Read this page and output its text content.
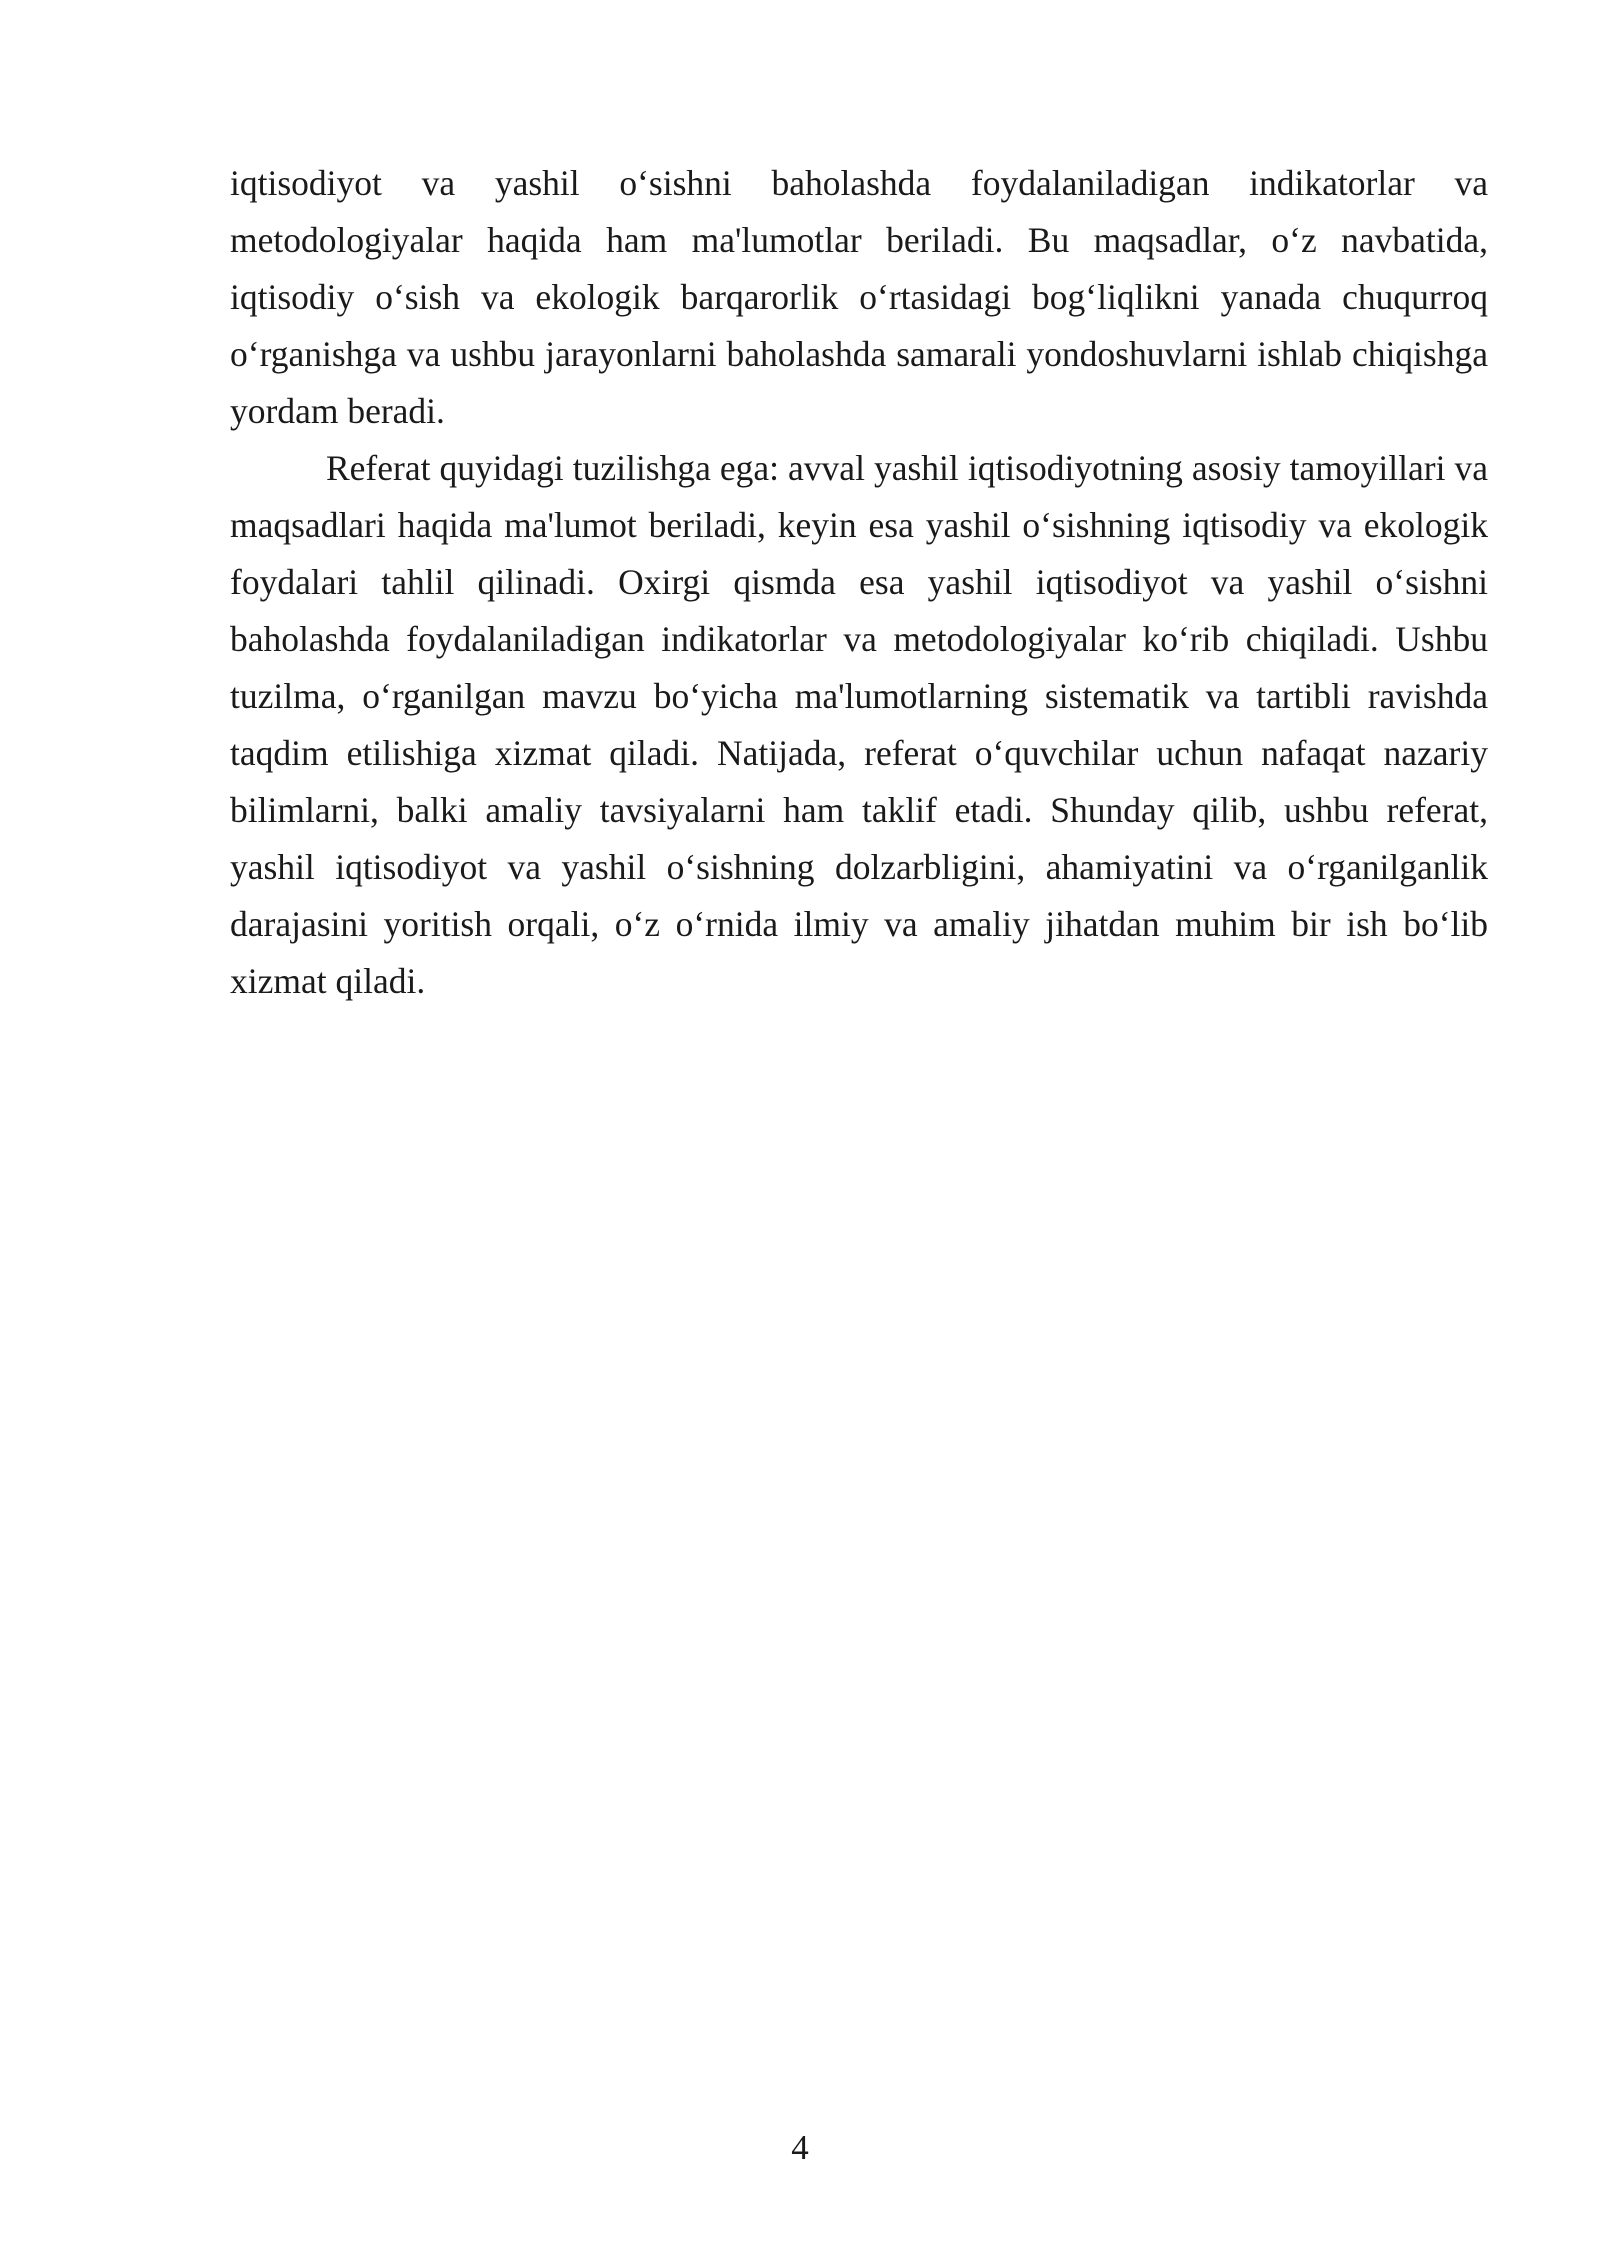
iqtisodiyot va yashil o‘sishni baholashda foydalaniladigan indikatorlar va metodologiyalar haqida ham ma'lumotlar beriladi. Bu maqsadlar, o‘z navbatida, iqtisodiy o‘sish va ekologik barqarorlik o‘rtasidagi bog‘liqlikni yanada chuqurroq o‘rganishga va ushbu jarayonlarni baholashda samarali yondoshuvlarni ishlab chiqishga yordam beradi.

Referat quyidagi tuzilishga ega: avval yashil iqtisodiyotning asosiy tamoyillari va maqsadlari haqida ma'lumot beriladi, keyin esa yashil o‘sishning iqtisodiy va ekologik foydalari tahlil qilinadi. Oxirgi qismda esa yashil iqtisodiyot va yashil o‘sishni baholashda foydalaniladigan indikatorlar va metodologiyalar ko‘rib chiqiladi. Ushbu tuzilma, o‘rganilgan mavzu bo‘yicha ma'lumotlarning sistematik va tartibli ravishda taqdim etilishiga xizmat qiladi. Natijada, referat o‘quvchilar uchun nafaqat nazariy bilimlarni, balki amaliy tavsiyalarni ham taklif etadi. Shunday qilib, ushbu referat, yashil iqtisodiyot va yashil o‘sishning dolzarbligini, ahamiyatini va o‘rganilganlik darajasini yoritish orqali, o‘z o‘rnida ilmiy va amaliy jihatdan muhim bir ish bo‘lib xizmat qiladi.

4
